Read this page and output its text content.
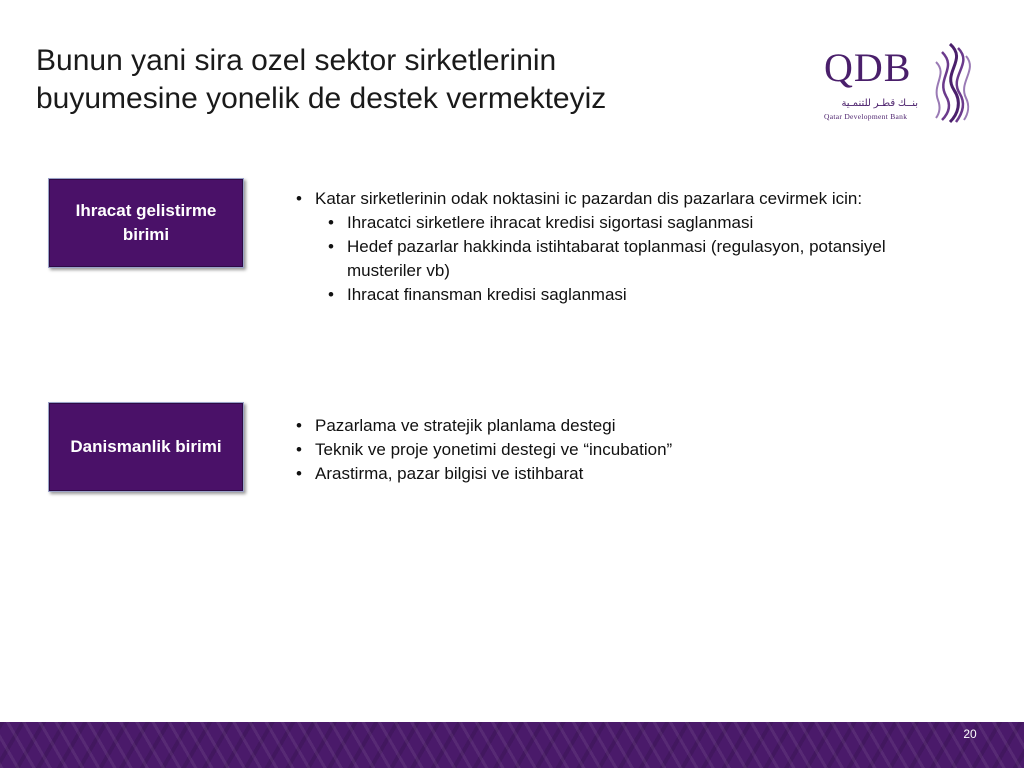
Bunun yani sira ozel sektor sirketlerinin
buyumesine yonelik de destek vermekteyiz
QDB
بنــك قطـر للتنمـية
Qatar Development Bank
Ihracat gelistirme birimi
• Katar sirketlerinin odak noktasini ic pazardan dis pazarlara cevirmek icin:
• Ihracatci sirketlere ihracat kredisi sigortasi saglanmasi
• Hedef pazarlar hakkinda istihtabarat toplanmasi (regulasyon, potansiyel musteriler vb)
• Ihracat finansman kredisi saglanmasi
Danismanlik birimi
• Pazarlama ve stratejik planlama destegi
• Teknik ve proje yonetimi destegi ve “incubation”
• Arastirma, pazar bilgisi ve istihbarat
20
